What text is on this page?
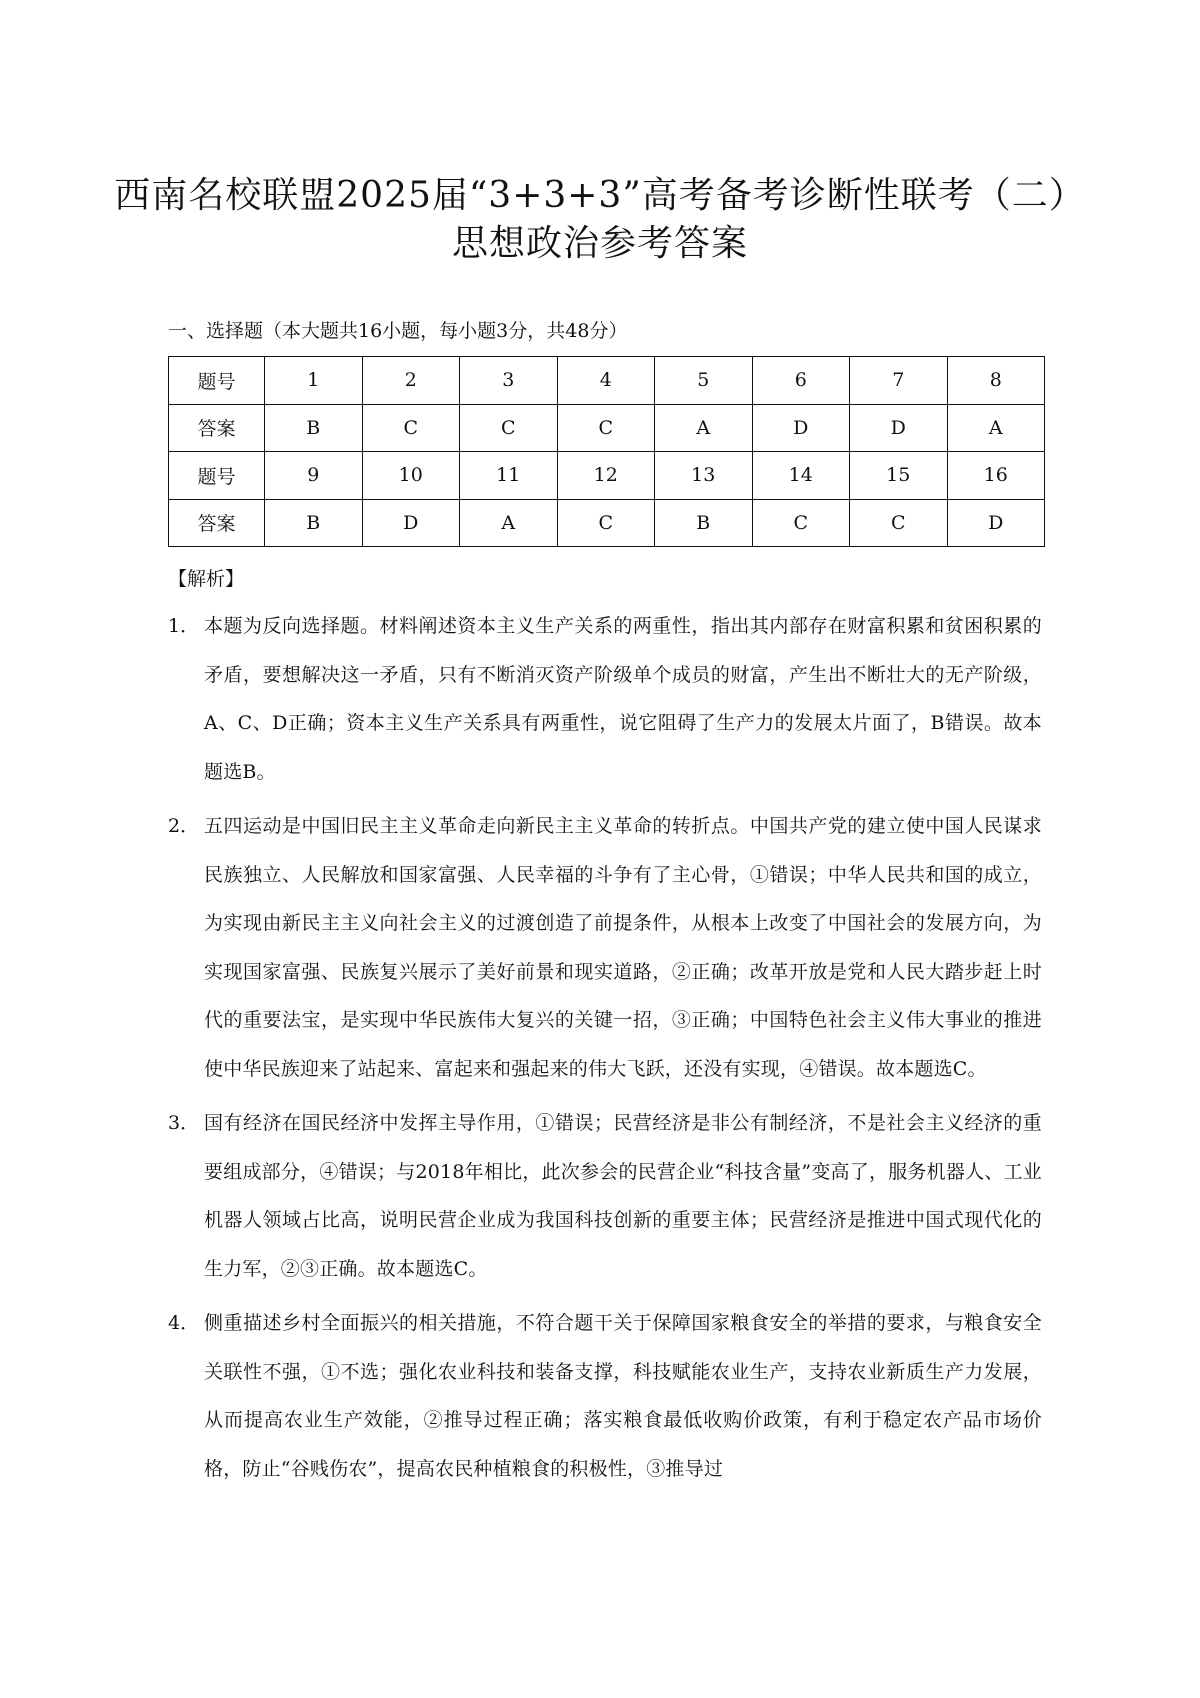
西南名校联盟2025届“3+3+3”高考备考诊断性联考（二）
思想政治参考答案
一、选择题（本大题共16小题，每小题3分，共48分）
题号	1	2	3	4	5	6	7	8
答案	B	C	C	C	A	D	D	A
题号	9	10	11	12	13	14	15	16
答案	B	D	A	C	B	C	C	D
【解析】
1． 本题为反向选择题。材料阐述资本主义生产关系的两重性，指出其内部存在财富积累和贫困积累的矛盾，要想解决这一矛盾，只有不断消灭资产阶级单个成员的财富，产生出不断壮大的无产阶级，A、C、D正确；资本主义生产关系具有两重性，说它阻碍了生产力的发展太片面了，B错误。故本题选B。
2． 五四运动是中国旧民主主义革命走向新民主主义革命的转折点。中国共产党的建立使中国人民谋求民族独立、人民解放和国家富强、人民幸福的斗争有了主心骨，①错误；中华人民共和国的成立，为实现由新民主主义向社会主义的过渡创造了前提条件，从根本上改变了中国社会的发展方向，为实现国家富强、民族复兴展示了美好前景和现实道路，②正确；改革开放是党和人民大踏步赶上时代的重要法宝，是实现中华民族伟大复兴的关键一招，③正确；中国特色社会主义伟大事业的推进使中华民族迎来了站起来、富起来和强起来的伟大飞跃，还没有实现，④错误。故本题选C。
3． 国有经济在国民经济中发挥主导作用，①错误；民营经济是非公有制经济，不是社会主义经济的重要组成部分，④错误；与2018年相比，此次参会的民营企业“科技含量”变高了，服务机器人、工业机器人领域占比高，说明民营企业成为我国科技创新的重要主体；民营经济是推进中国式现代化的生力军，②③正确。故本题选C。
4． 侧重描述乡村全面振兴的相关措施，不符合题干关于保障国家粮食安全的举措的要求，与粮食安全关联性不强，①不选；强化农业科技和装备支撑，科技赋能农业生产，支持农业新质生产力发展，从而提高农业生产效能，②推导过程正确；落实粮食最低收购价政策，有利于稳定农产品市场价格，防止“谷贱伤农”，提高农民种植粮食的积极性，③推导过
